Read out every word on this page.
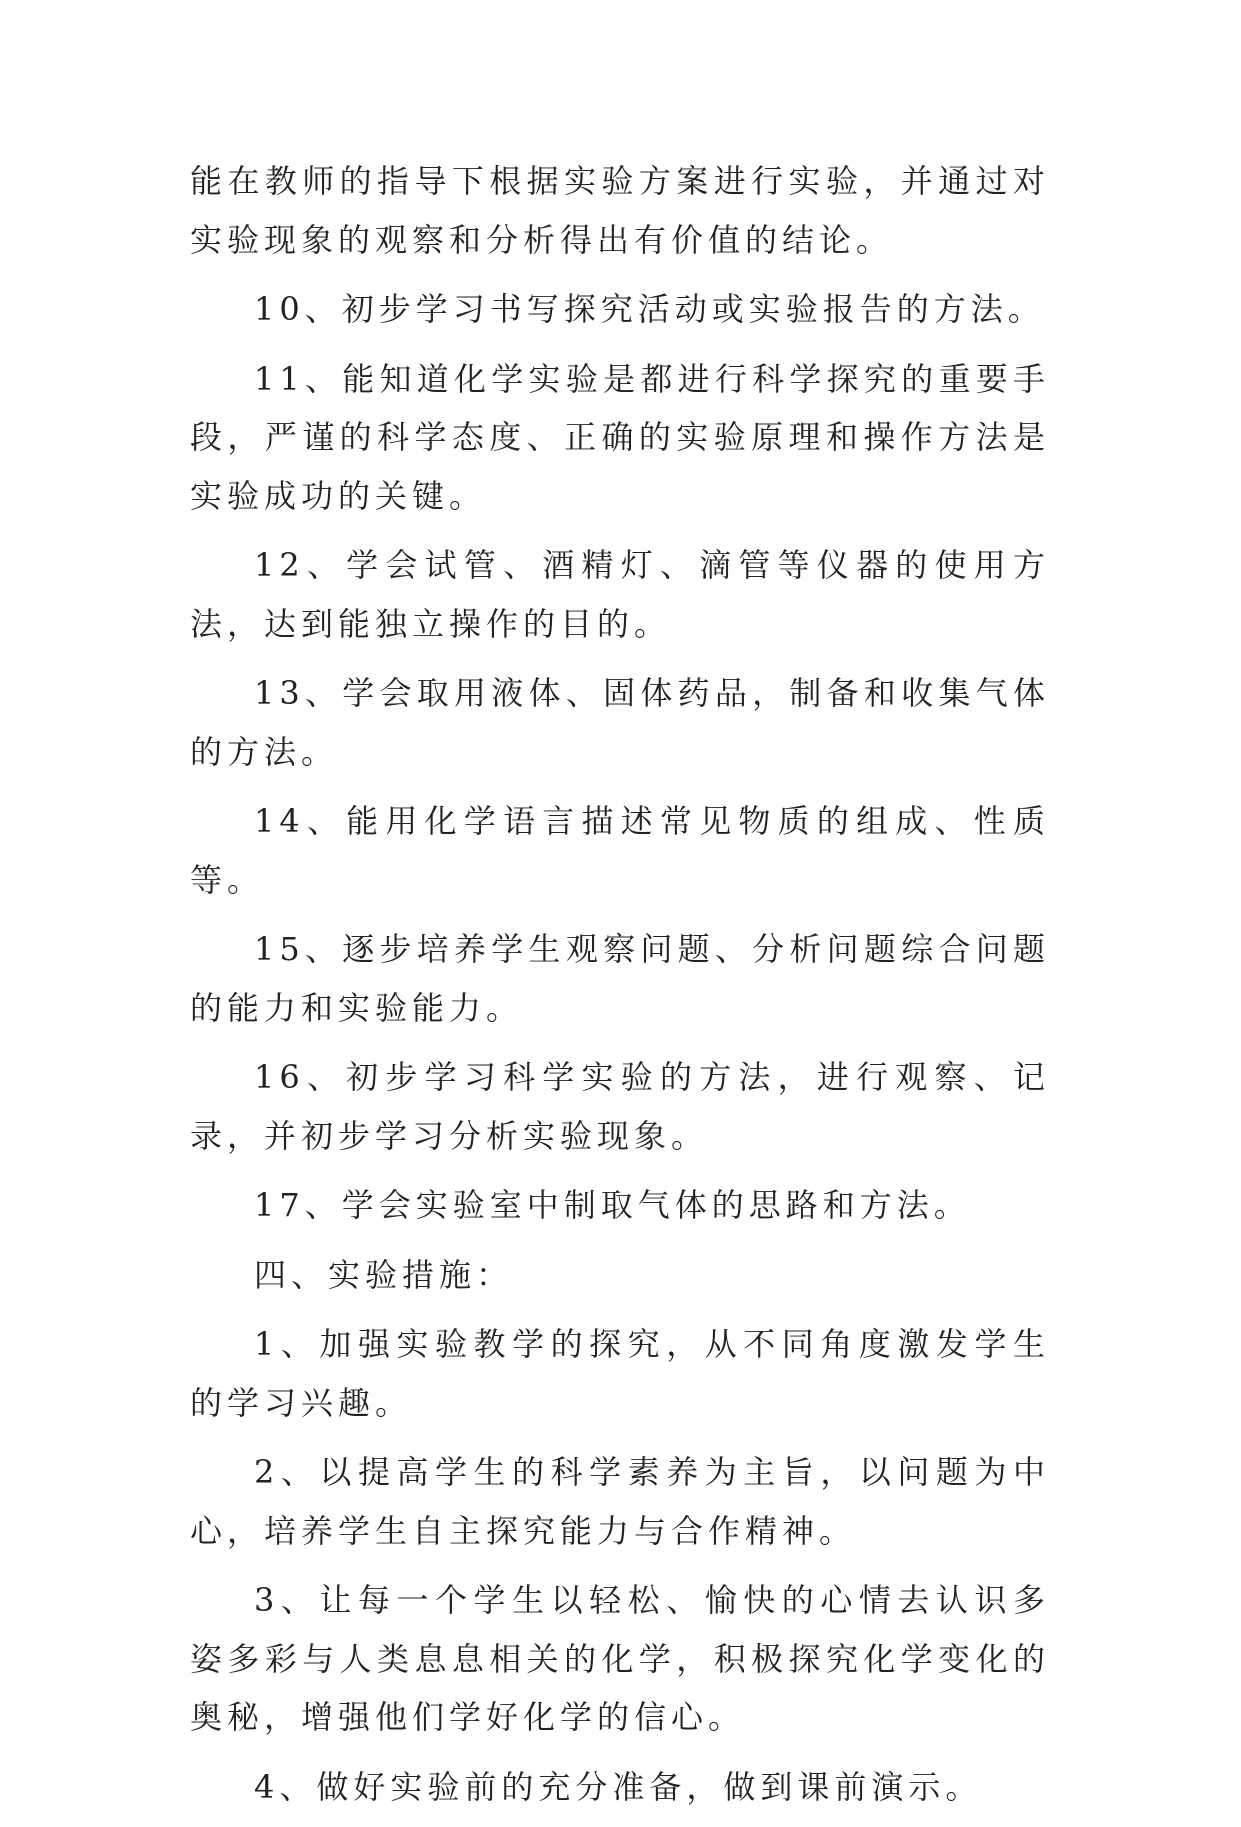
能在教师的指导下根据实验方案进行实验，并通过对实验现象的观察和分析得出有价值的结论。

10、初步学习书写探究活动或实验报告的方法。

11、能知道化学实验是都进行科学探究的重要手段，严谨的科学态度、正确的实验原理和操作方法是实验成功的关键。

12、学会试管、酒精灯、滴管等仪器的使用方法，达到能独立操作的目的。

13、学会取用液体、固体药品，制备和收集气体的方法。

14、能用化学语言描述常见物质的组成、性质等。

15、逐步培养学生观察问题、分析问题综合问题的能力和实验能力。

16、初步学习科学实验的方法，进行观察、记录，并初步学习分析实验现象。

17、学会实验室中制取气体的思路和方法。

四、实验措施：

1、加强实验教学的探究，从不同角度激发学生的学习兴趣。

2、以提高学生的科学素养为主旨，以问题为中心，培养学生自主探究能力与合作精神。

3、让每一个学生以轻松、愉快的心情去认识多姿多彩与人类息息相关的化学，积极探究化学变化的奥秘，增强他们学好化学的信心。

4、做好实验前的充分准备，做到课前演示。
